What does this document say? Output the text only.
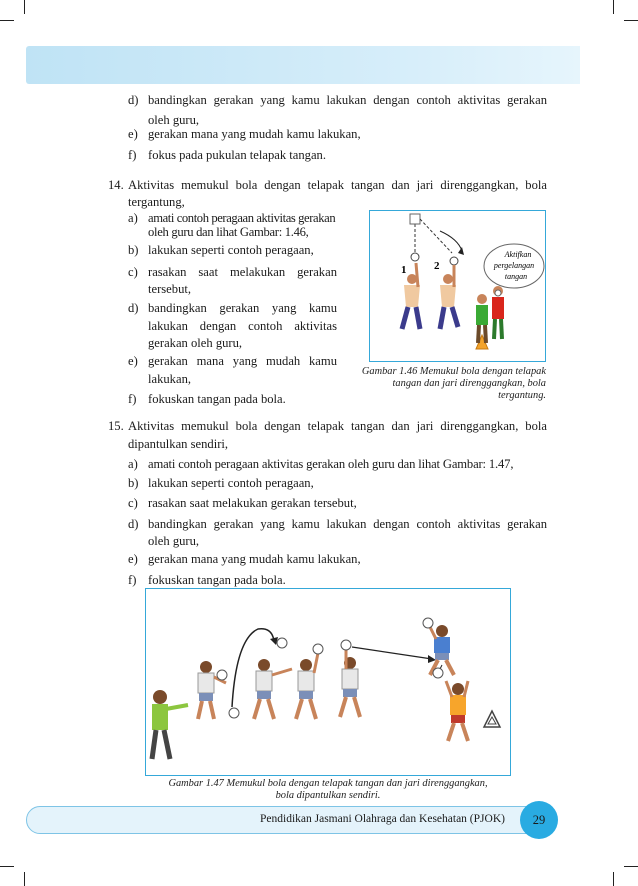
d) bandingkan gerakan yang kamu lakukan dengan contoh aktivitas gerakan
oleh guru,
e) gerakan mana yang mudah kamu lakukan,
f) fokus pada pukulan telapak tangan.
14. Aktivitas memukul bola dengan telapak tangan dan jari direnggangkan, bola
tergantung,
a) amati contoh peragaan aktivitas gerakan
oleh guru dan lihat Gambar: 1.46,
b) lakukan seperti contoh peragaan,
c) rasakan saat melakukan gerakan
tersebut,
d) bandingkan gerakan yang kamu
lakukan dengan contoh aktivitas
gerakan oleh guru,
e) gerakan mana yang mudah kamu
lakukan,
f) fokuskan tangan pada bola.
1	2
Aktifkan
pergelangan
tangan
Gambar 1.46 Memukul bola dengan telapak
tangan dan jari direnggangkan, bola
tergantung.
15. Aktivitas memukul bola dengan telapak tangan dan jari direnggangkan, bola
dipantulkan sendiri,
a) amati contoh peragaan aktivitas gerakan oleh guru dan lihat Gambar: 1.47,
b) lakukan seperti contoh peragaan,
c) rasakan saat melakukan gerakan tersebut,
d) bandingkan gerakan yang kamu lakukan dengan contoh aktivitas gerakan
oleh guru,
e) gerakan mana yang mudah kamu lakukan,
f) fokuskan tangan pada bola.
Gambar 1.47 Memukul bola dengan telapak tangan dan jari direnggangkan,
bola dipantulkan sendiri.
Pendidikan Jasmani Olahraga dan Kesehatan (PJOK)	29
